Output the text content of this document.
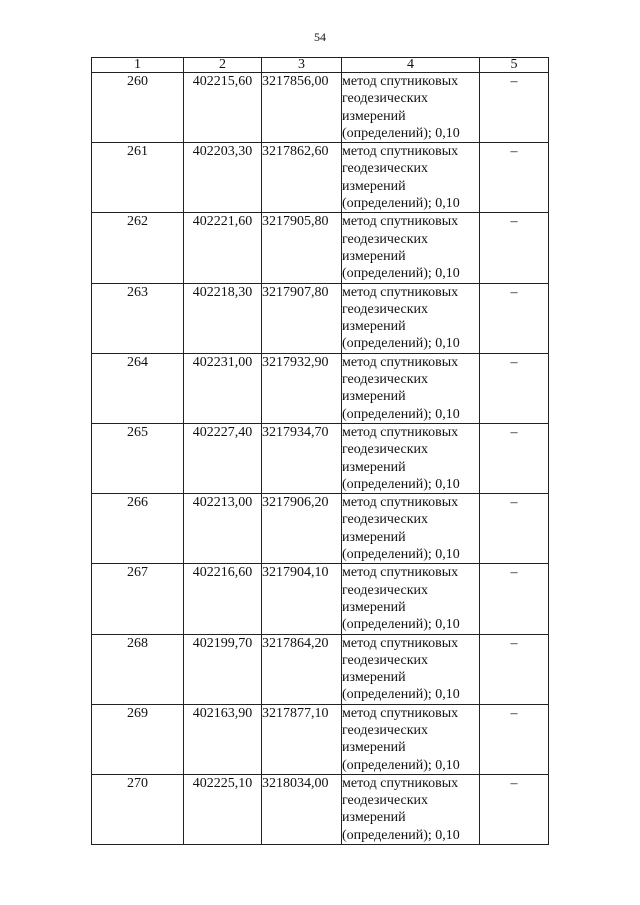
54
1	2	3	4	5
260	402215,60	3217856,00	метод спутниковых
геодезических
измерений
(определений); 0,10	–
261	402203,30	3217862,60	метод спутниковых
геодезических
измерений
(определений); 0,10	–
262	402221,60	3217905,80	метод спутниковых
геодезических
измерений
(определений); 0,10	–
263	402218,30	3217907,80	метод спутниковых
геодезических
измерений
(определений); 0,10	–
264	402231,00	3217932,90	метод спутниковых
геодезических
измерений
(определений); 0,10	–
265	402227,40	3217934,70	метод спутниковых
геодезических
измерений
(определений); 0,10	–
266	402213,00	3217906,20	метод спутниковых
геодезических
измерений
(определений); 0,10	–
267	402216,60	3217904,10	метод спутниковых
геодезических
измерений
(определений); 0,10	–
268	402199,70	3217864,20	метод спутниковых
геодезических
измерений
(определений); 0,10	–
269	402163,90	3217877,10	метод спутниковых
геодезических
измерений
(определений); 0,10	–
270	402225,10	3218034,00	метод спутниковых
геодезических
измерений
(определений); 0,10	–
